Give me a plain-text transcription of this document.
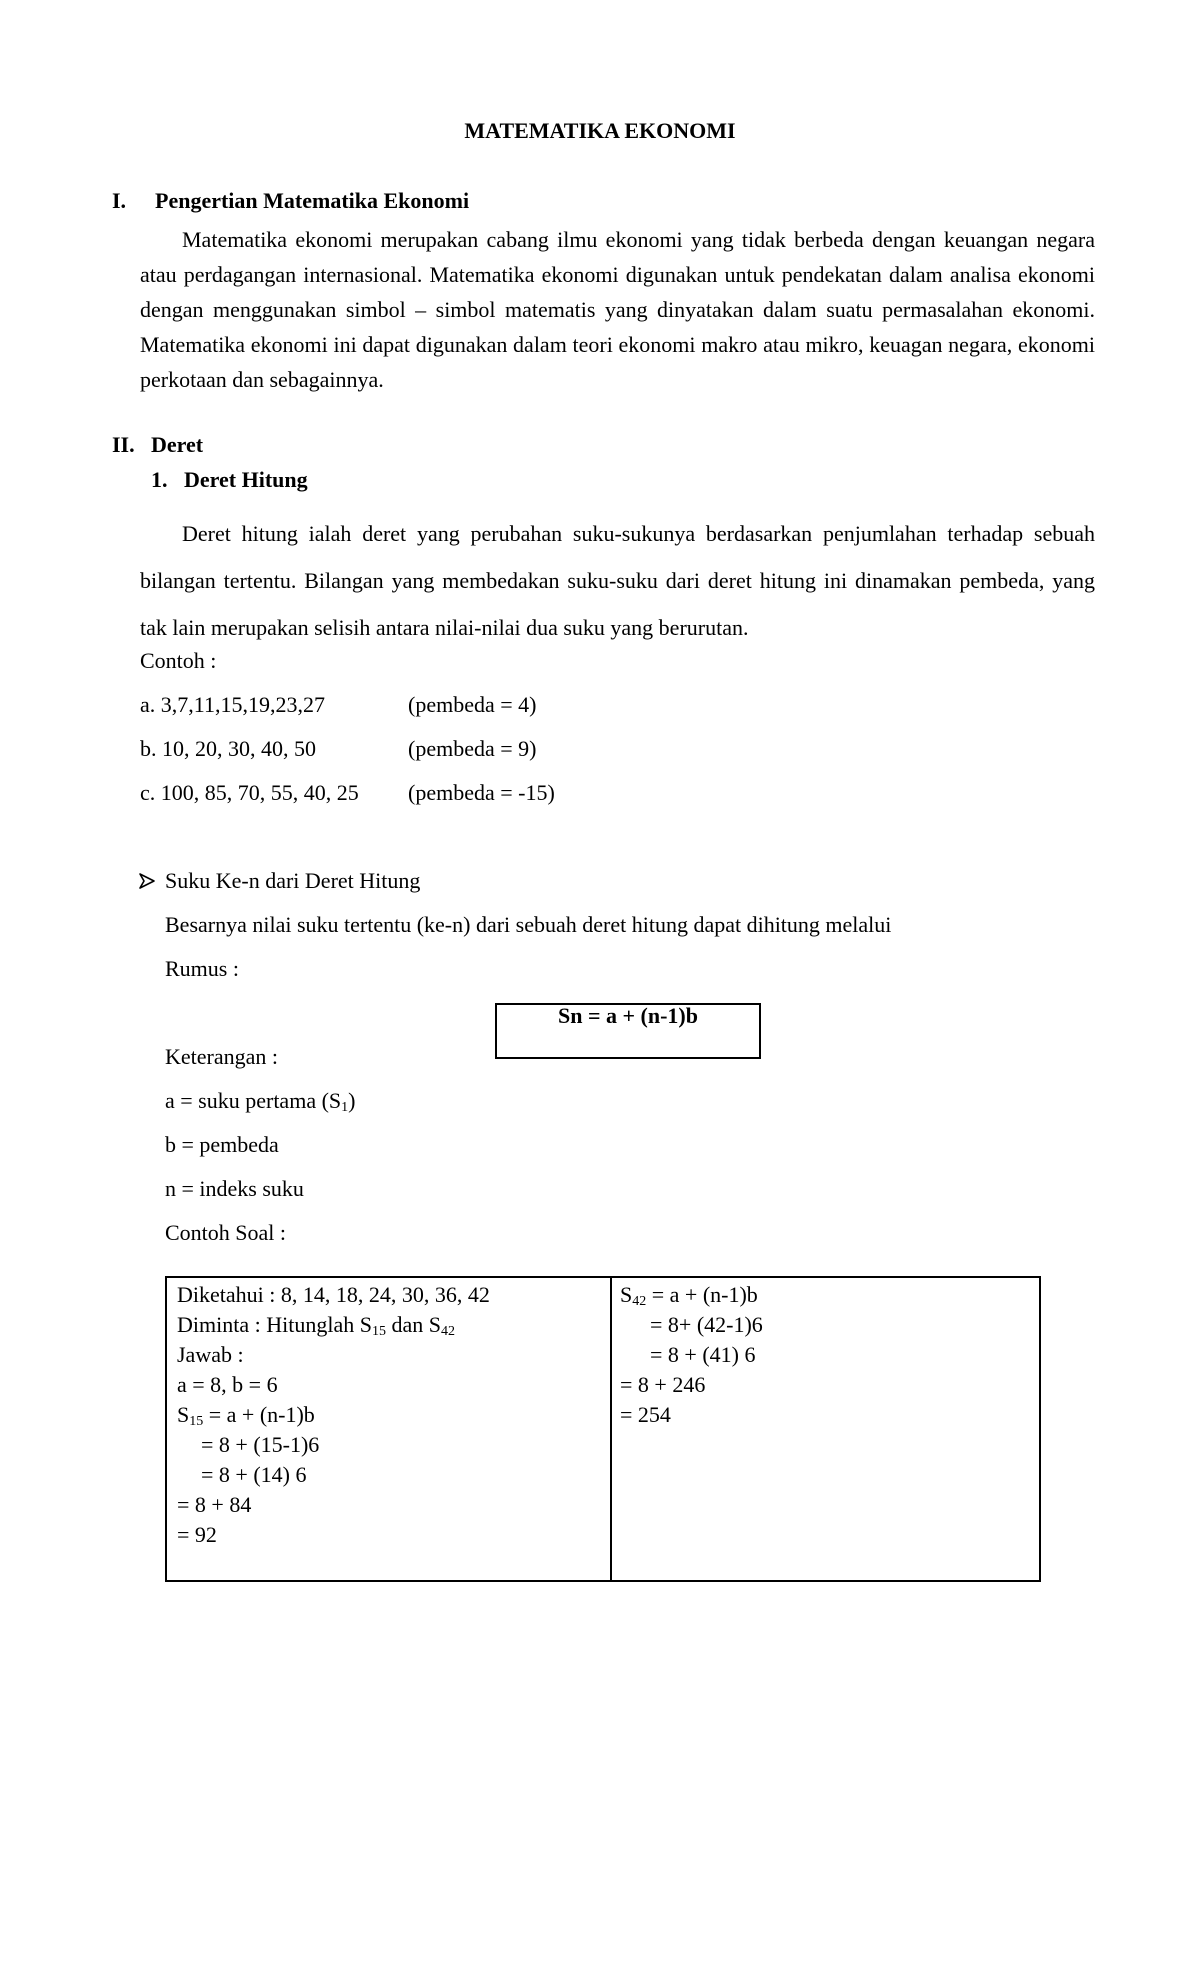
MATEMATIKA EKONOMI

I. Pengertian Matematika Ekonomi

Matematika ekonomi merupakan cabang ilmu ekonomi yang tidak berbeda dengan keuangan negara atau perdagangan internasional. Matematika ekonomi digunakan untuk pendekatan dalam analisa ekonomi dengan menggunakan simbol – simbol matematis yang dinyatakan dalam suatu permasalahan ekonomi. Matematika ekonomi ini dapat digunakan dalam teori ekonomi makro atau mikro, keuagan negara, ekonomi perkotaan dan sebagainnya.

II. Deret

1. Deret Hitung

Deret hitung ialah deret yang perubahan suku-sukunya berdasarkan penjumlahan terhadap sebuah bilangan tertentu. Bilangan yang membedakan suku-suku dari deret hitung ini dinamakan pembeda, yang tak lain merupakan selisih antara nilai-nilai dua suku yang berurutan.

Contoh :

a. 3,7,11,15,19,23,27	(pembeda = 4)

b. 10, 20, 30, 40, 50	(pembeda = 9)

c. 100, 85, 70, 55, 40, 25 (pembeda = -15)

Suku Ke-n dari Deret Hitung

Besarnya nilai suku tertentu (ke-n) dari sebuah deret hitung dapat dihitung melalui

Rumus :

Sn = a + (n-1)b

Keterangan :

a = suku pertama $(S_1)$

b = pembeda

n = indeks suku

Contoh Soal :

Diketahui : 8, 14, 18, 24, 30, 36, 42
Diminta : Hitunglah $S_{15}$ dan $S_{42}$
Jawab :
a = 8, b = 6
$S_{15} = a + (n-1)b$
= 8 + (15-1)6
= 8 + (14) 6
= 8 + 84
= 92
$S_{42} = a + (n-1)b$
= 8+ (42-1)6
= 8 + (41) 6
= 8 + 246
= 254
